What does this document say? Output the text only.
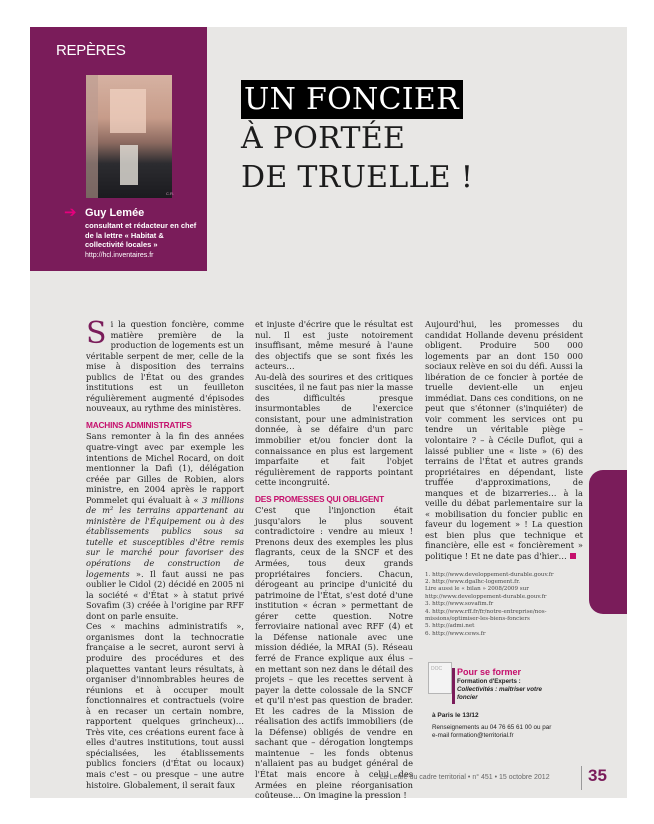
REPÈRES
C.R.
➔ Guy Lemée
consultant et rédacteur en chef de la lettre « Habitat & collectivité locales »
http://hcl.inventaires.fr
UN FONCIER
À PORTÉE
DE TRUELLE !

Si la question foncière, comme matière première de la production de logements est un véritable serpent de mer, celle de la mise à disposition des terrains publics de l'État ou des grandes institutions est un feuilleton régulièrement augmenté d'épisodes nouveaux, au rythme des ministères.

MACHINS ADMINISTRATIFS

Sans remonter à la fin des années quatre-vingt avec par exemple les intentions de Michel Rocard, on doit mentionner la Dafi (1), délégation créée par Gilles de Robien, alors ministre, en 2004 après le rapport Pommelet qui évaluait à « 3 millions de m² les terrains appartenant au ministère de l'Équipement ou à des établissements publics sous sa tutelle et susceptibles d'être remis sur le marché pour favoriser des opérations de construction de logements ». Il faut aussi ne pas oublier le Cidol (2) décidé en 2005 ni la société « d'État » à statut privé Sovafim (3) créée à l'origine par RFF dont on parle ensuite.

Ces « machins administratifs », organismes dont la technocratie française a le secret, auront servi à produire des procédures et des plaquettes vantant leurs résultats, à organiser d'innombrables heures de réunions et à occuper moult fonctionnaires et contractuels (voire à en recaser un certain nombre, rapportent quelques grincheux)… Très vite, ces créations eurent face à elles d'autres institutions, tout aussi spécialisées, les établissements publics fonciers (d'État ou locaux) mais c'est – ou presque – une autre histoire. Globalement, il serait faux

et injuste d'écrire que le résultat est nul. Il est juste notoirement insuffisant, même mesuré à l'aune des objectifs que se sont fixés les acteurs…

Au-delà des sourires et des critiques suscitées, il ne faut pas nier la masse des difficultés presque insurmontables de l'exercice consistant, pour une administration donnée, à se défaire d'un parc immobilier et/ou foncier dont la connaissance en plus est largement imparfaite et fait l'objet régulièrement de rapports pointant cette incongruité.

DES PROMESSES QUI OBLIGENT

C'est que l'injonction était jusqu'alors le plus souvent contradictoire : vendre au mieux ! Prenons deux des exemples les plus flagrants, ceux de la SNCF et des Armées, tous deux grands propriétaires fonciers. Chacun, dérogeant au principe d'unicité du patrimoine de l'État, s'est doté d'une institution « écran » permettant de gérer cette question. Notre ferroviaire national avec RFF (4) et la Défense nationale avec une mission dédiée, la MRAI (5). Réseau ferré de France explique aux élus – en mettant son nez dans le détail des projets – que les recettes servent à payer la dette colossale de la SNCF et qu'il n'est pas question de brader. Et les cadres de la Mission de réalisation des actifs immobiliers (de la Défense) obligés de vendre en sachant que – dérogation longtemps maintenue – les fonds obtenus n'allaient pas au budget général de l'État mais encore à celui des Armées en pleine réorganisation coûteuse… On imagine la pression !

Aujourd'hui, les promesses du candidat Hollande devenu président obligent. Produire 500 000 logements par an dont 150 000 sociaux relève en soi du défi. Aussi la libération de ce foncier à portée de truelle devient-elle un enjeu immédiat. Dans ces conditions, on ne peut que s'étonner (s'inquiéter) de voir comment les services ont pu tendre un véritable piège – volontaire ? – à Cécile Duflot, qui a laissé publier une « liste » (6) des terrains de l'État et autres grands propriétaires en dépendant, liste truffée d'approximations, de manques et de bizarreries… à la veille du débat parlementaire sur la « mobilisation du foncier public en faveur du logement » ! La question est bien plus que technique et financière, elle est « foncièrement » politique ! Et ne date pas d'hier…

1. http://www.developpement-durable.gouv.fr
2. http://www.dgalhc-logement.fr.
Lire aussi le « bilan » 2008/2009 sur
http://www.developpement-durable.gouv.fr
3. http://www.sovafim.fr
4. http://www.rff.fr/fr/notre-entreprise/nos-
missions/optimiser-les-biens-fonciers
5. http://admi.net
6. http://www.cews.fr
DOC Pour se former
Formation d'Experts :
Collectivités : maîtriser votre foncier
à Paris le 13/12
Renseignements au 04 76 65 61 00 ou par e-mail formation@territorial.fr
La Lettre du cadre territorial • n° 451 • 15 octobre 2012 35
